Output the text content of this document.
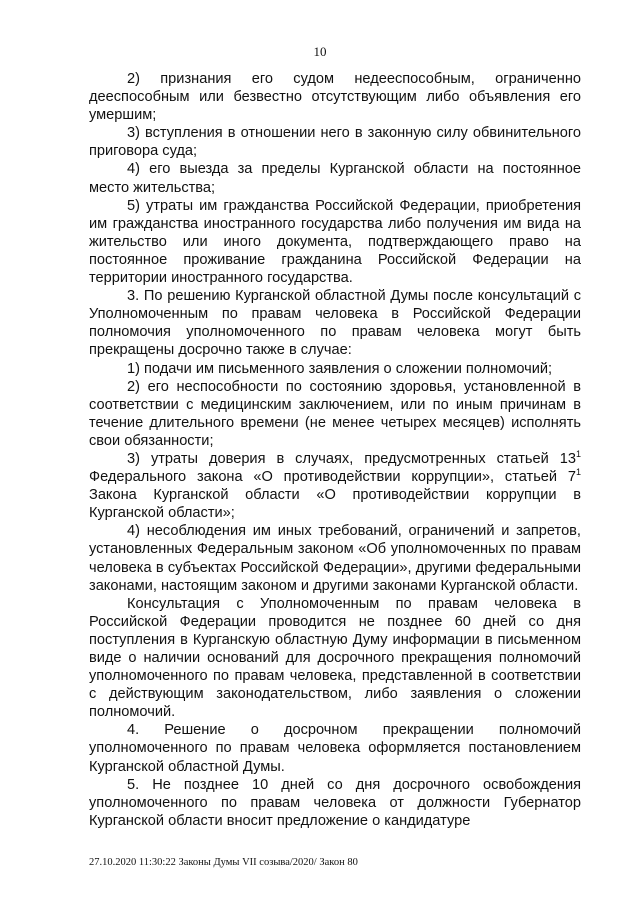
10

2) признания его судом недееспособным, ограниченно дееспособным или безвестно отсутствующим либо объявления его умершим;

3) вступления в отношении него в законную силу обвинительного приговора суда;

4) его выезда за пределы Курганской области на постоянное место жительства;

5) утраты им гражданства Российской Федерации, приобретения им гражданства иностранного государства либо получения им вида на жительство или иного документа, подтверждающего право на постоянное проживание гражданина Российской Федерации на территории иностранного государства.

3. По решению Курганской областной Думы после консультаций с Уполномоченным по правам человека в Российской Федерации полномочия уполномоченного по правам человека могут быть прекращены досрочно также в случае:

1) подачи им письменного заявления о сложении полномочий;

2) его неспособности по состоянию здоровья, установленной в соответствии с медицинским заключением, или по иным причинам в течение длительного времени (не менее четырех месяцев) исполнять свои обязанности;

3) утраты доверия в случаях, предусмотренных статьей $13^1$ Федерального закона «О противодействии коррупции», статьей $7^1$ Закона Курганской области «О противодействии коррупции в Курганской области»;

4) несоблюдения им иных требований, ограничений и запретов, установленных Федеральным законом «Об уполномоченных по правам человека в субъектах Российской Федерации», другими федеральными законами, настоящим законом и другими законами Курганской области.

Консультация с Уполномоченным по правам человека в Российской Федерации проводится не позднее 60 дней со дня поступления в Курганскую областную Думу информации в письменном виде о наличии оснований для досрочного прекращения полномочий уполномоченного по правам человека, представленной в соответствии с действующим законодательством, либо заявления о сложении полномочий.

4. Решение о досрочном прекращении полномочий уполномоченного по правам человека оформляется постановлением Курганской областной Думы.

5. Не позднее 10 дней со дня досрочного освобождения уполномоченного по правам человека от должности Губернатор Курганской области вносит предложение о кандидатуре

27.10.2020 11:30:22 Законы Думы VII созыва/2020/ Закон 80
